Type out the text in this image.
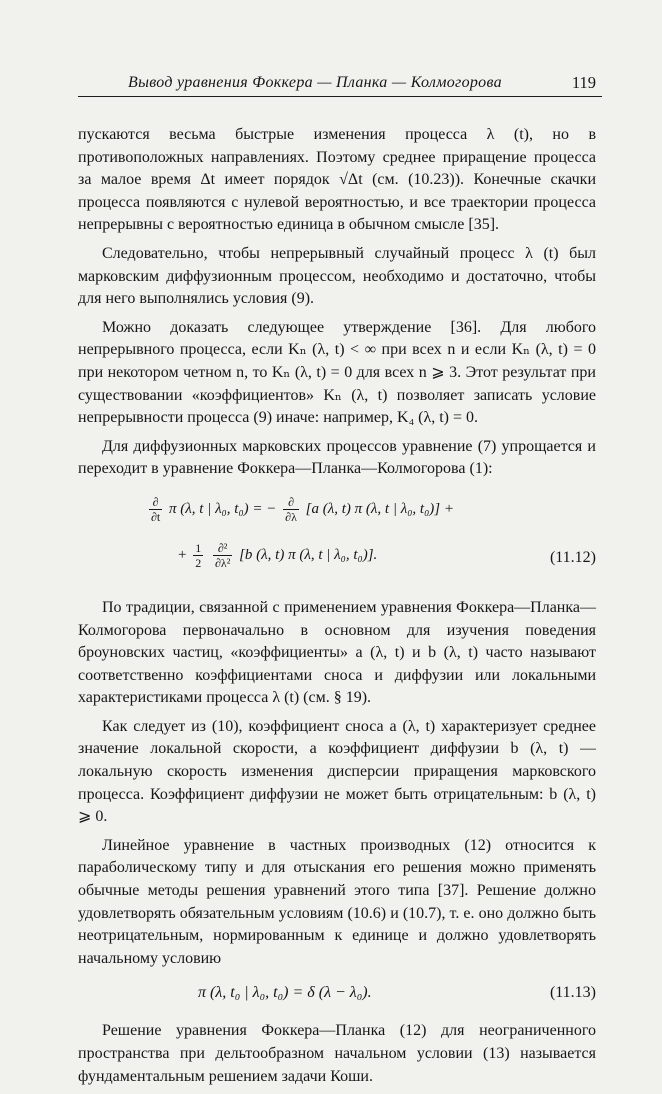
Вывод уравнения Фоккера — Планка — Колмогорова	119

пускаются весьма быстрые изменения процесса λ (t), но в противоположных направлениях. Поэтому среднее приращение процесса за малое время Δt имеет порядок √Δt (см. (10.23)). Конечные скачки процесса появляются с нулевой вероятностью, и все траектории процесса непрерывны с вероятностью единица в обычном смысле [35].

Следовательно, чтобы непрерывный случайный процесс λ (t) был марковским диффузионным процессом, необходимо и достаточно, чтобы для него выполнялись условия (9).

Можно доказать следующее утверждение [36]. Для любого непрерывного процесса, если Kₙ (λ, t) < ∞ при всех n и если Kₙ (λ, t) = 0 при некотором четном n, то Kₙ (λ, t) = 0 для всех n ⩾ 3. Этот результат при существовании «коэффициентов» Kₙ (λ, t) позволяет записать условие непрерывности процесса (9) иначе: например, K₄ (λ, t) = 0.

Для диффузионных марковских процессов уравнение (7) упрощается и переходит в уравнение Фоккера—Планка—Колмогорова (1):

$\frac{\partial}{\partial t}$ π (λ, t | λ₀, t₀) = − $\frac{\partial}{\partial\lambda} [a$ (λ, t) π (λ, t | λ₀, t₀)] +
+ $\frac{1}{2}$
$\frac{\text{∂²}}{\text{∂λ²}} [b$ (λ, t) π (λ, t | λ₀, t₀)].	(11.12)

По традиции, связанной с применением уравнения Фоккера—Планка—Колмогорова первоначально в основном для изучения поведения броуновских частиц, «коэффициенты» a (λ, t) и b (λ, t) часто называют соответственно коэффициентами сноса и диффузии или локальными характеристиками процесса λ (t) (см. § 19).

Как следует из (10), коэффициент сноса a (λ, t) характеризует среднее значение локальной скорости, а коэффициент диффузии b (λ, t) — локальную скорость изменения дисперсии приращения марковского процесса. Коэффициент диффузии не может быть отрицательным: b (λ, t) ⩾ 0.

Линейное уравнение в частных производных (12) относится к параболическому типу и для отыскания его решения можно применять обычные методы решения уравнений этого типа [37]. Решение должно удовлетворять обязательным условиям (10.6) и (10.7), т. е. оно должно быть неотрицательным, нормированным к единице и должно удовлетворять начальному условию

π (λ, t₀ | λ₀, t₀) = δ (λ − λ₀).	(11.13)

Решение уравнения Фоккера—Планка (12) для неограниченного пространства при дельтообразном начальном условии (13) называется фундаментальным решением задачи Коши.
